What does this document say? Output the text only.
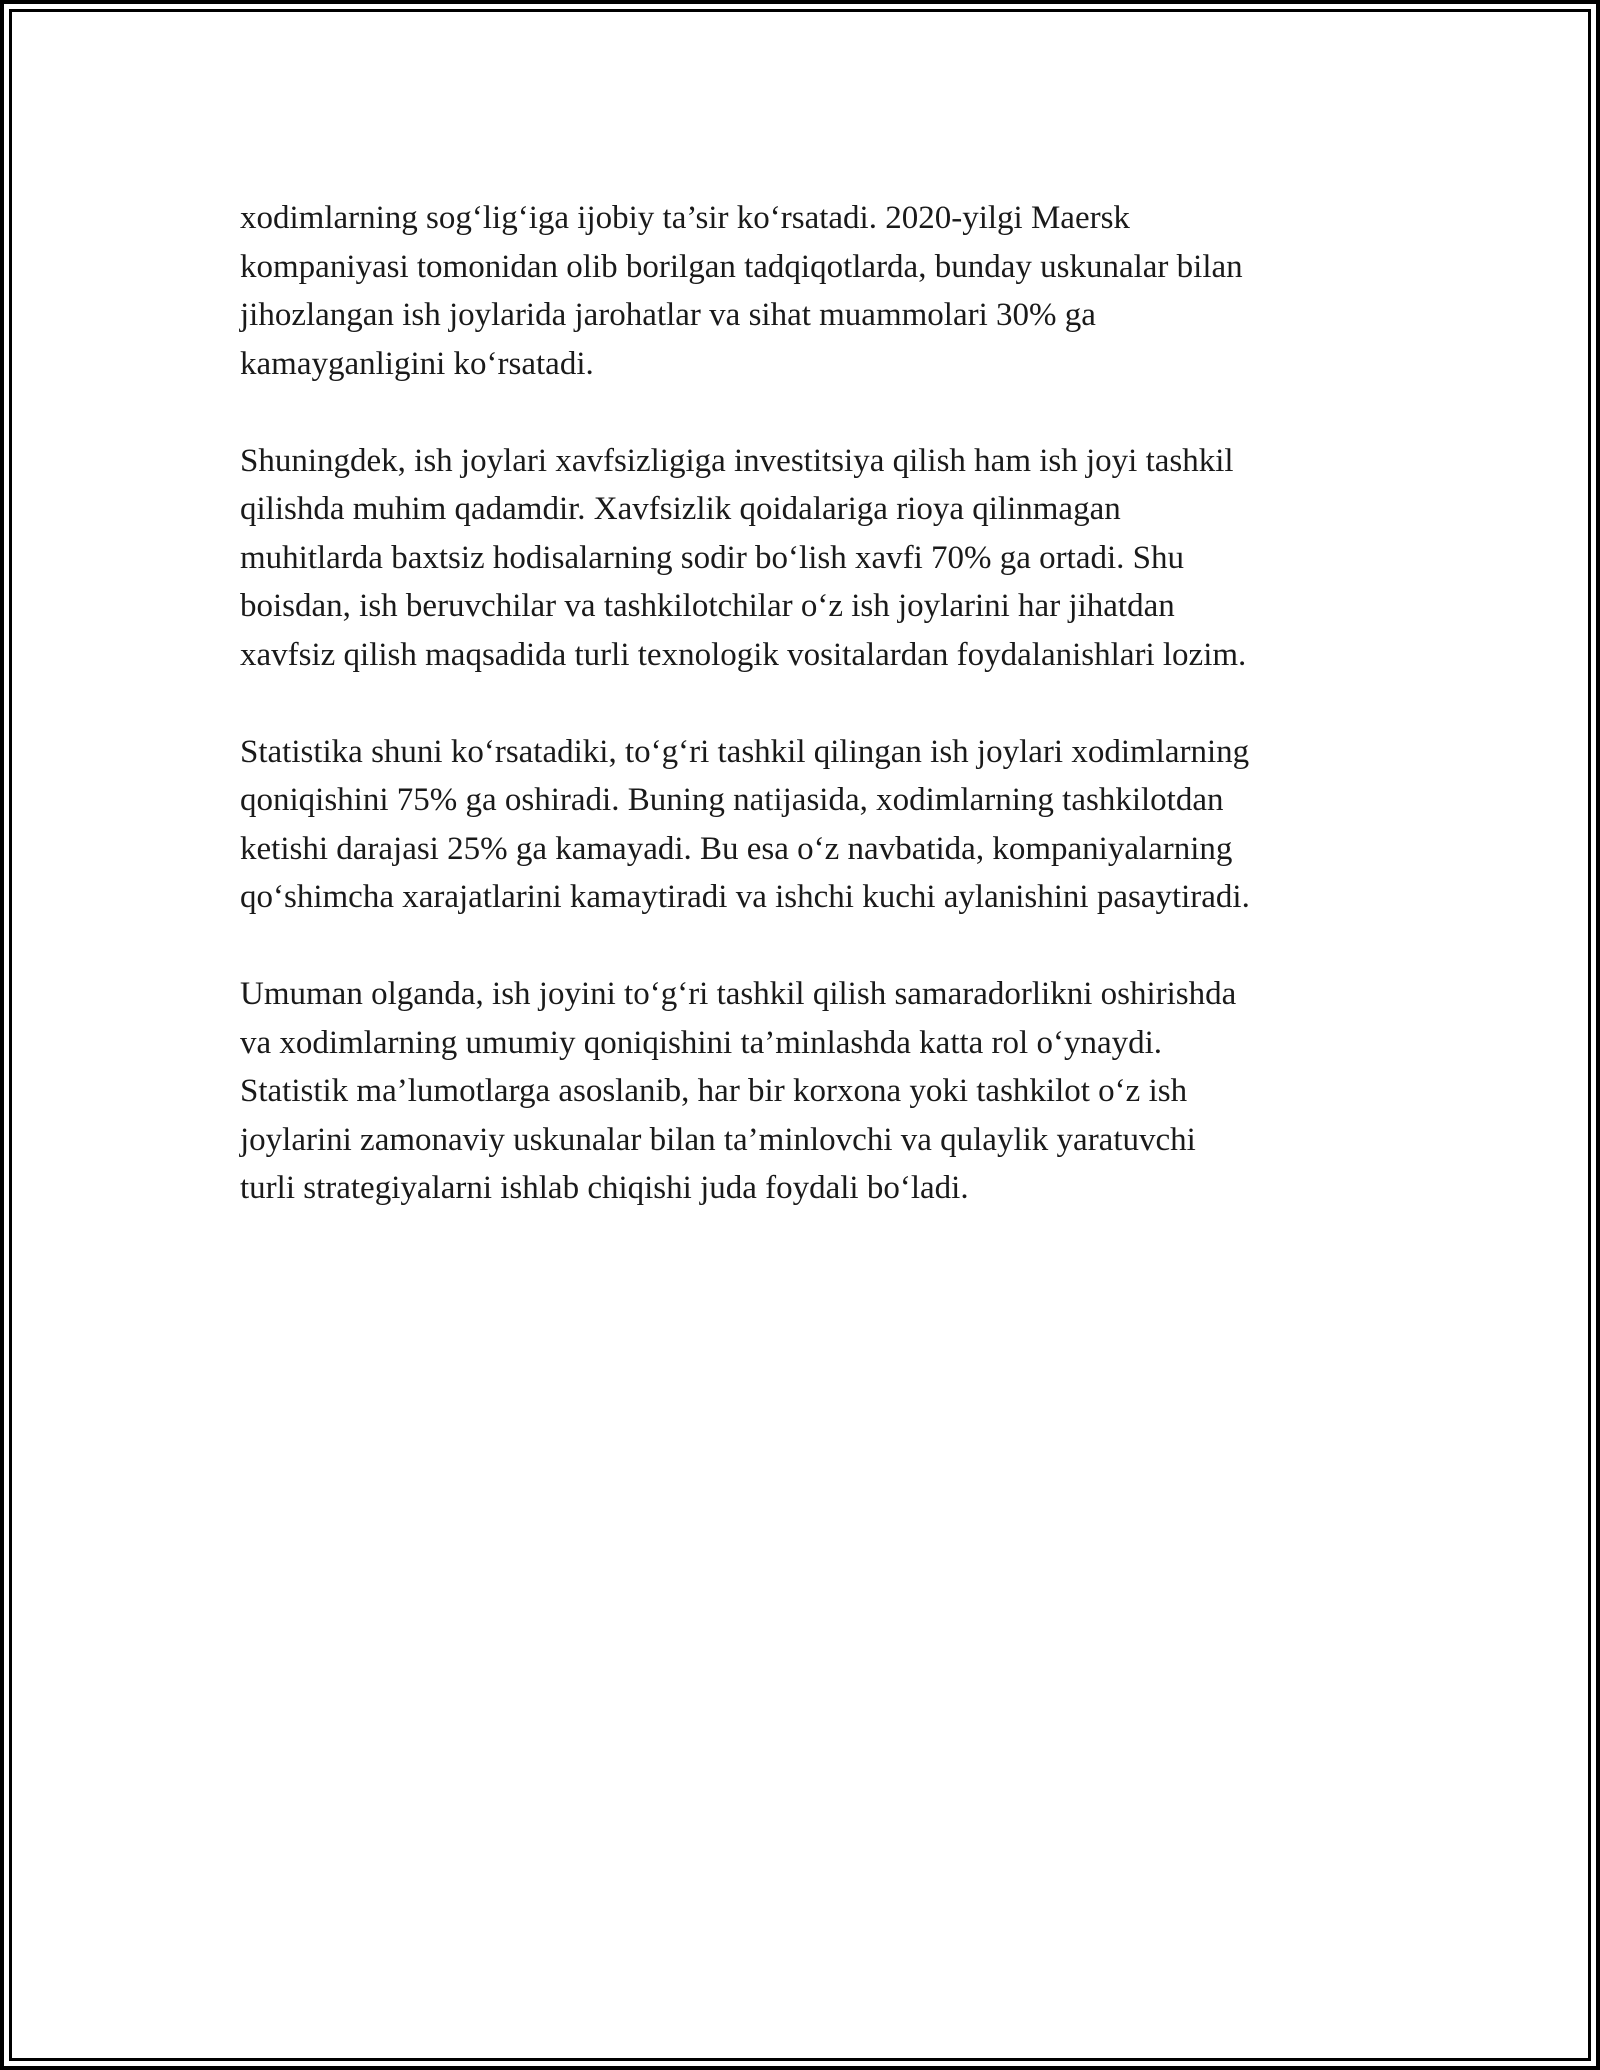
xodimlarning sog‘lig‘iga ijobiy ta’sir ko‘rsatadi. 2020-yilgi Maersk
kompaniyasi tomonidan olib borilgan tadqiqotlarda, bunday uskunalar bilan
jihozlangan ish joylarida jarohatlar va sihat muammolari 30% ga
kamayganligini ko‘rsatadi.

Shuningdek, ish joylari xavfsizligiga investitsiya qilish ham ish joyi tashkil
qilishda muhim qadamdir. Xavfsizlik qoidalariga rioya qilinmagan
muhitlarda baxtsiz hodisalarning sodir bo‘lish xavfi 70% ga ortadi. Shu
boisdan, ish beruvchilar va tashkilotchilar o‘z ish joylarini har jihatdan
xavfsiz qilish maqsadida turli texnologik vositalardan foydalanishlari lozim.

Statistika shuni ko‘rsatadiki, to‘g‘ri tashkil qilingan ish joylari xodimlarning
qoniqishini 75% ga oshiradi. Buning natijasida, xodimlarning tashkilotdan
ketishi darajasi 25% ga kamayadi. Bu esa o‘z navbatida, kompaniyalarning
qo‘shimcha xarajatlarini kamaytiradi va ishchi kuchi aylanishini pasaytiradi.

Umuman olganda, ish joyini to‘g‘ri tashkil qilish samaradorlikni oshirishda
va xodimlarning umumiy qoniqishini ta’minlashda katta rol o‘ynaydi.
Statistik ma’lumotlarga asoslanib, har bir korxona yoki tashkilot o‘z ish
joylarini zamonaviy uskunalar bilan ta’minlovchi va qulaylik yaratuvchi
turli strategiyalarni ishlab chiqishi juda foydali bo‘ladi.
